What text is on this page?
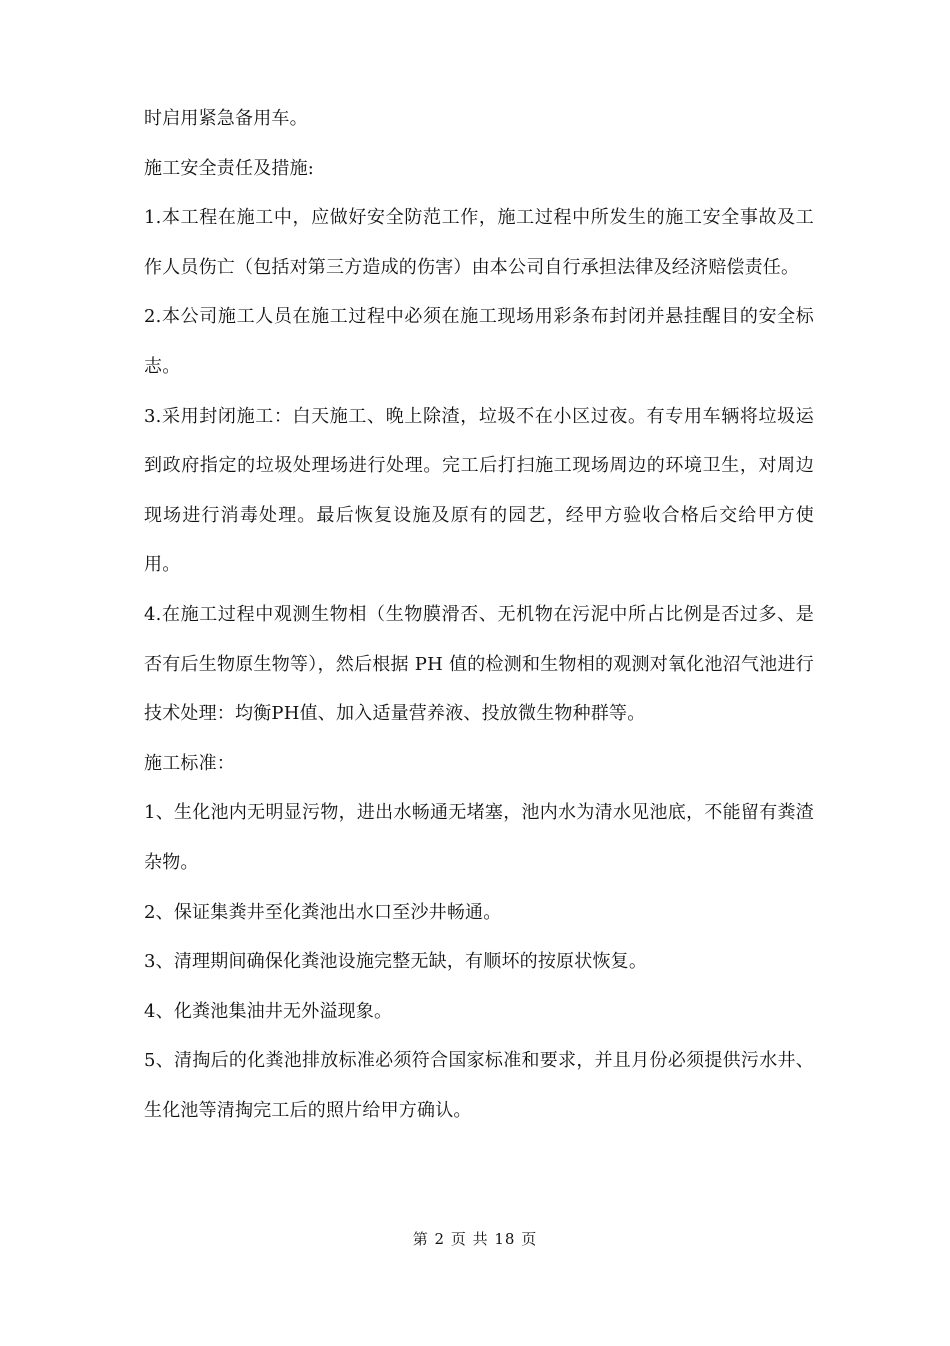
时启用紧急备用车。

施工安全责任及措施:

1.本工程在施工中，应做好安全防范工作，施工过程中所发生的施工安全事故及工作人员伤亡（包括对第三方造成的伤害）由本公司自行承担法律及经济赔偿责任。

2.本公司施工人员在施工过程中必须在施工现场用彩条布封闭并悬挂醒目的安全标志。

3.采用封闭施工：白天施工、晚上除渣，垃圾不在小区过夜。有专用车辆将垃圾运到政府指定的垃圾处理场进行处理。完工后打扫施工现场周边的环境卫生，对周边现场进行消毒处理。最后恢复设施及原有的园艺，经甲方验收合格后交给甲方使用。

4.在施工过程中观测生物相（生物膜滑否、无机物在污泥中所占比例是否过多、是否有后生物原生物等），然后根据 PH 值的检测和生物相的观测对氧化池沼气池进行技术处理：均衡PH值、加入适量营养液、投放微生物种群等。

施工标准：

1、生化池内无明显污物，进出水畅通无堵塞，池内水为清水见池底，不能留有粪渣杂物。

2、保证集粪井至化粪池出水口至沙井畅通。

3、清理期间确保化粪池设施完整无缺，有顺坏的按原状恢复。

4、化粪池集油井无外溢现象。

5、清掏后的化粪池排放标准必须符合国家标准和要求，并且月份必须提供污水井、生化池等清掏完工后的照片给甲方确认。

第 2 页 共 18 页
